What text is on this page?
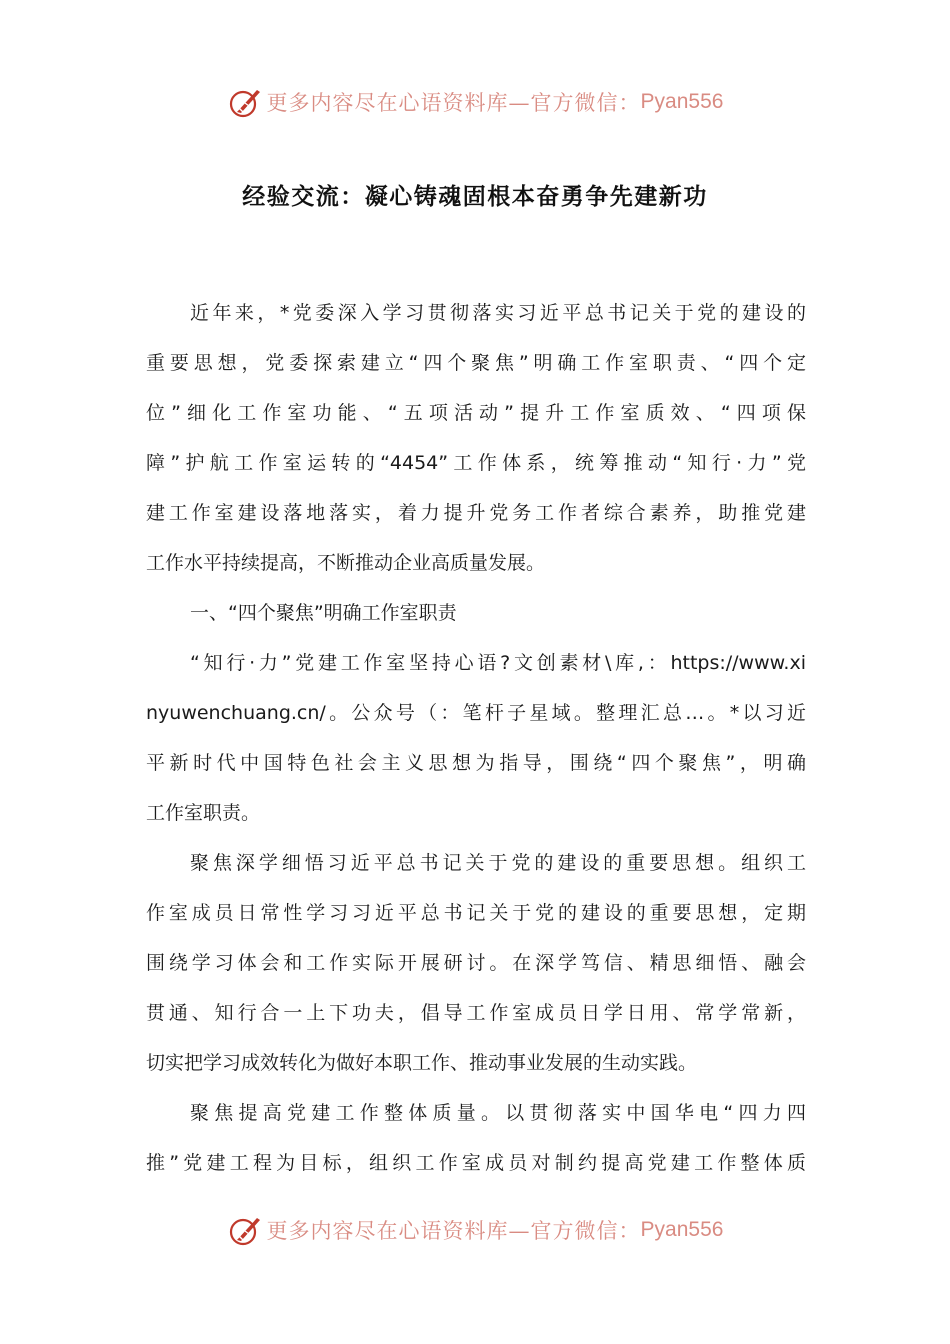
更多内容尽在心语资料库—官方微信： Pyan556
经验交流：凝心铸魂固根本奋勇争先建新功
近年来，*党委深入学习贯彻落实习近平总书记关于党的建设的
重要思想，党委探索建立“四个聚焦”明确工作室职责、“四个定
位”细化工作室功能、“五项活动”提升工作室质效、“四项保
障”护航工作室运转的“4454”工作体系，统筹推动“知行·力”党
建工作室建设落地落实，着力提升党务工作者综合素养，助推党建
工作水平持续提高，不断推动企业高质量发展。
一、“四个聚焦”明确工作室职责
“知行·力”党建工作室坚持心语?文创素材\库,：https://www.xi
nyuwenchuang.cn/。公众号（：笔杆子星域。整理汇总…。*以习近
平新时代中国特色社会主义思想为指导，围绕“四个聚焦”，明确
工作室职责。
聚焦深学细悟习近平总书记关于党的建设的重要思想。组织工
作室成员日常性学习习近平总书记关于党的建设的重要思想，定期
围绕学习体会和工作实际开展研讨。在深学笃信、精思细悟、融会
贯通、知行合一上下功夫，倡导工作室成员日学日用、常学常新，
切实把学习成效转化为做好本职工作、推动事业发展的生动实践。
聚焦提高党建工作整体质量。以贯彻落实中国华电“四力四
推”党建工程为目标，组织工作室成员对制约提高党建工作整体质
更多内容尽在心语资料库—官方微信： Pyan556
